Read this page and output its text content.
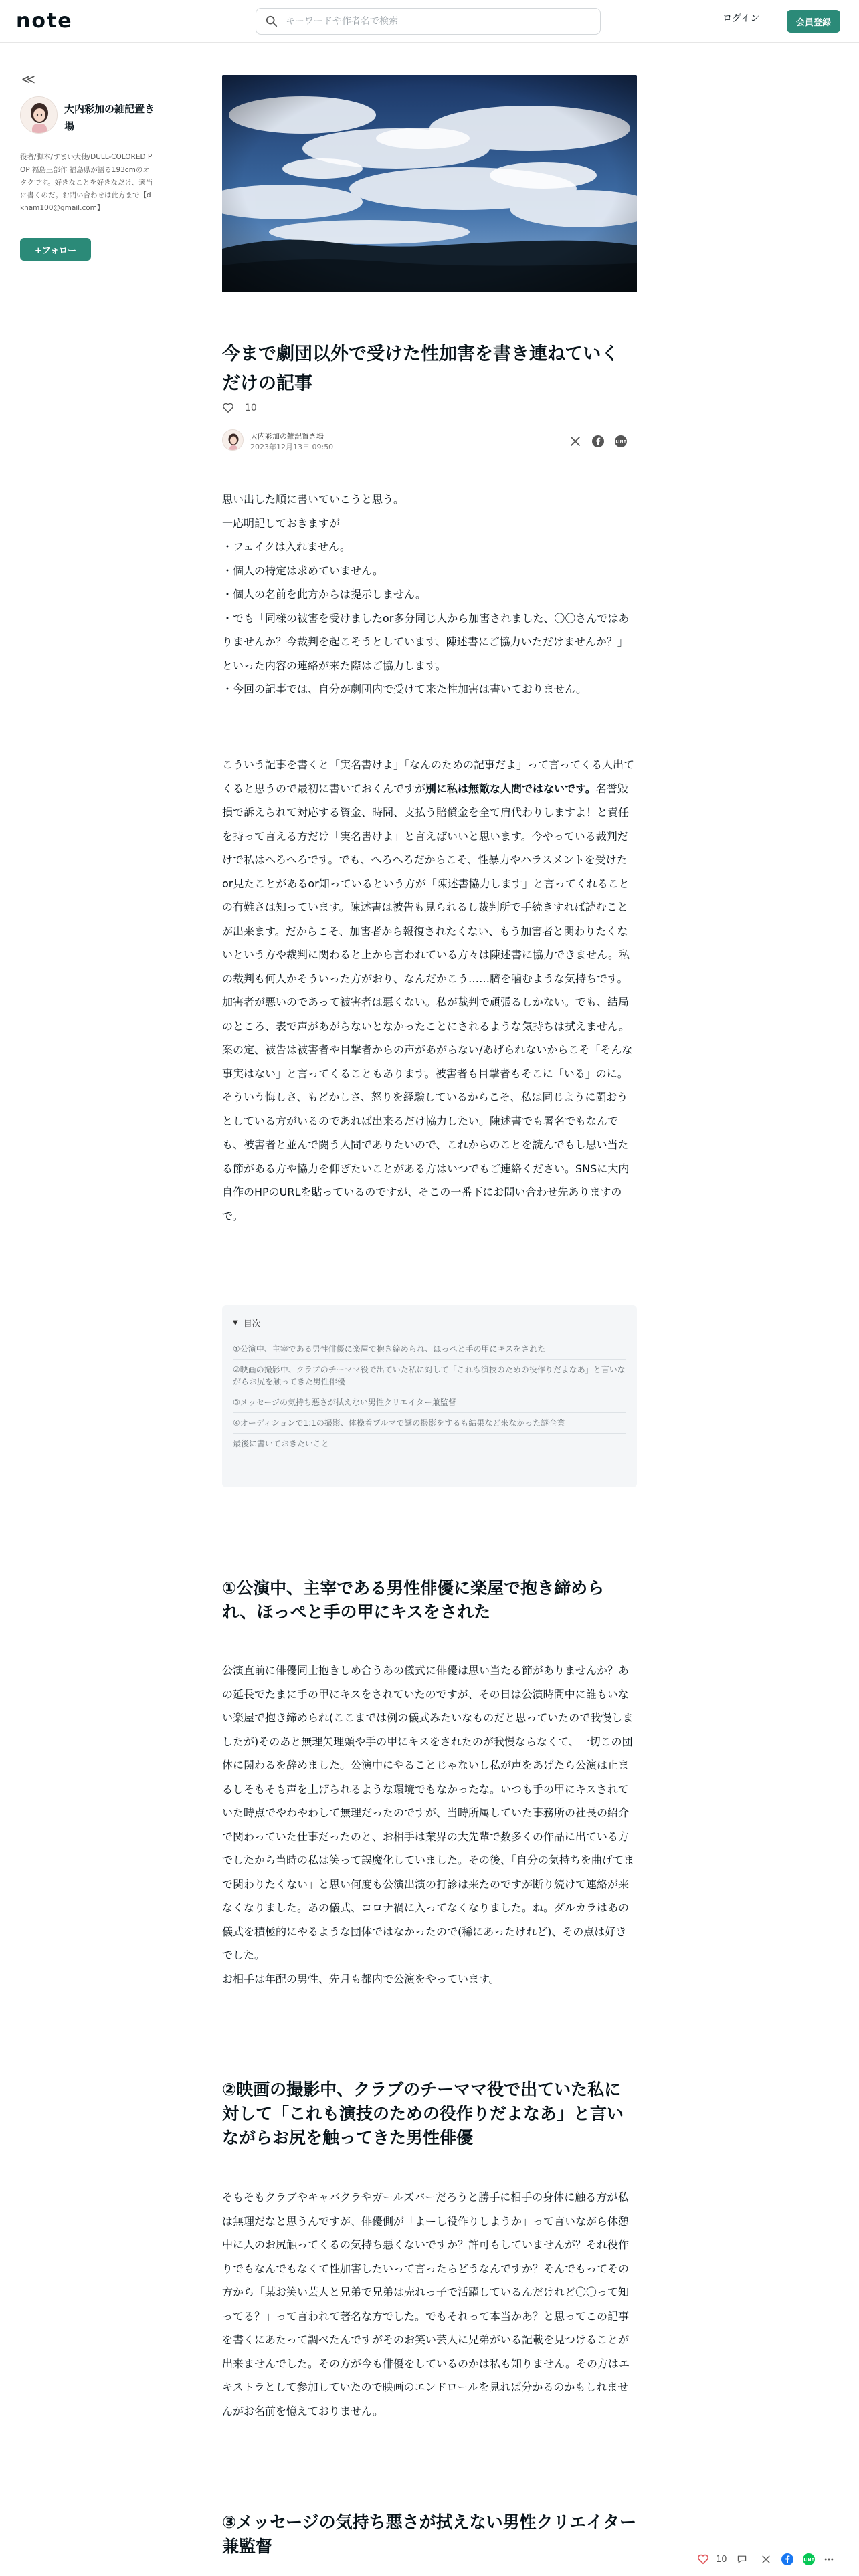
note
キーワードや作者名で検索	ログイン	会員登録
≪
大内彩加の雑記置き場
役者/脚本/すまい大使/DULL-COLORED POP 福島三部作 福島県が語る193cmのオタクです。好きなことを好きなだけ、適当に書くのだ。お問い合わせは此方まで【dkham100@gmail.com】
+フォロー
今まで劇団以外で受けた性加害を書き連ねていくだけの記事
10
大内彩加の雑記置き場
2023年12月13日 09:50
LINE

思い出した順に書いていこうと思う。

一応明記しておきますが

・フェイクは入れません。

・個人の特定は求めていません。

・個人の名前を此方からは提示しません。

・でも「同様の被害を受けましたor多分同じ人から加害されました、〇〇さんではありませんか？今裁判を起こそうとしています、陳述書にご協力いただけませんか？」といった内容の連絡が来た際はご協力します。

・今回の記事では、自分が劇団内で受けて来た性加害は書いておりません。

こういう記事を書くと「実名書けよ」「なんのための記事だよ」って言ってくる人出てくると思うので最初に書いておくんですが別に私は無敵な人間ではないです。名誉毀損で訴えられて対応する資金、時間、支払う賠償金を全て肩代わりしますよ！と責任を持って言える方だけ「実名書けよ」と言えばいいと思います。今やっている裁判だけで私はへろへろです。でも、へろへろだからこそ、性暴力やハラスメントを受けたor見たことがあるor知っているという方が「陳述書協力します」と言ってくれることの有難さは知っています。陳述書は被告も見られるし裁判所で手続きすれば読むことが出来ます。だからこそ、加害者から報復されたくない、もう加害者と関わりたくないという方や裁判に関わると上から言われている方々は陳述書に協力できません。私の裁判も何人かそういった方がおり、なんだかこう……臍を噛むような気持ちです。加害者が悪いのであって被害者は悪くない。私が裁判で頑張るしかない。でも、結局のところ、表で声があがらないとなかったことにされるような気持ちは拭えません。案の定、被告は被害者や目撃者からの声があがらない/あげられないからこそ「そんな事実はない」と言ってくることもあります。被害者も目撃者もそこに「いる」のに。

そういう悔しさ、もどかしさ、怒りを経験しているからこそ、私は同じように闘おうとしている方がいるのであれば出来るだけ協力したい。陳述書でも署名でもなんでも、被害者と並んで闘う人間でありたいので、これからのことを読んでもし思い当たる節がある方や協力を仰ぎたいことがある方はいつでもご連絡ください。SNSに大内自作のHPのURLを貼っているのですが、そこの一番下にお問い合わせ先ありますので。

▼ 目次
①公演中、主宰である男性俳優に楽屋で抱き締められ、ほっぺと手の甲にキスをされた
②映画の撮影中、クラブのチーママ役で出ていた私に対して「これも演技のための役作りだよなあ」と言いながらお尻を触ってきた男性俳優
③メッセージの気持ち悪さが拭えない男性クリエイター兼監督
④オーディションで1:1の撮影、体操着ブルマで謎の撮影をするも結果など来なかった謎企業
最後に書いておきたいこと
①公演中、主宰である男性俳優に楽屋で抱き締められ、ほっぺと手の甲にキスをされた

公演直前に俳優同士抱きしめ合うあの儀式に俳優は思い当たる節がありませんか？あの延長でたまに手の甲にキスをされていたのですが、その日は公演時間中に誰もいない楽屋で抱き締められ(ここまでは例の儀式みたいなものだと思っていたので我慢しましたが)そのあと無理矢理頬や手の甲にキスをされたのが我慢ならなくて、一切この団体に関わるを辞めました。公演中にやることじゃないし私が声をあげたら公演は止まるしそもそも声を上げられるような環境でもなかったな。いつも手の甲にキスされていた時点でやわやわして無理だったのですが、当時所属していた事務所の社長の紹介で関わっていた仕事だったのと、お相手は業界の大先輩で数多くの作品に出ている方でしたから当時の私は笑って誤魔化していました。その後、「自分の気持ちを曲げてまで関わりたくない」と思い何度も公演出演の打診は来たのですが断り続けて連絡が来なくなりました。あの儀式、コロナ禍に入ってなくなりました。ね。ダルカラはあの儀式を積極的にやるような団体ではなかったので(稀にあったけれど)、その点は好きでした。
お相手は年配の男性、先月も都内で公演をやっています。

②映画の撮影中、クラブのチーママ役で出ていた私に対して「これも演技のための役作りだよなあ」と言いながらお尻を触ってきた男性俳優

そもそもクラブやキャバクラやガールズバーだろうと勝手に相手の身体に触る方が私は無理だなと思うんですが、俳優側が「よーし役作りしようか」って言いながら休憩中に人のお尻触ってくるの気持ち悪くないですか？許可もしていませんが？それ役作りでもなんでもなくて性加害したいって言ったらどうなんですか？そんでもってその方から「某お笑い芸人と兄弟で兄弟は売れっ子で活躍しているんだけれど〇〇って知ってる？」って言われて著名な方でした。でもそれって本当かあ？と思ってこの記事を書くにあたって調べたんですがそのお笑い芸人に兄弟がいる記載を見つけることが出来ませんでした。その方が今も俳優をしているのかは私も知りません。その方はエキストラとして参加していたので映画のエンドロールを見れば分かるのかもしれませんがお名前を憶えておりません。

③メッセージの気持ち悪さが拭えない男性クリエイター兼監督
10	LINE
